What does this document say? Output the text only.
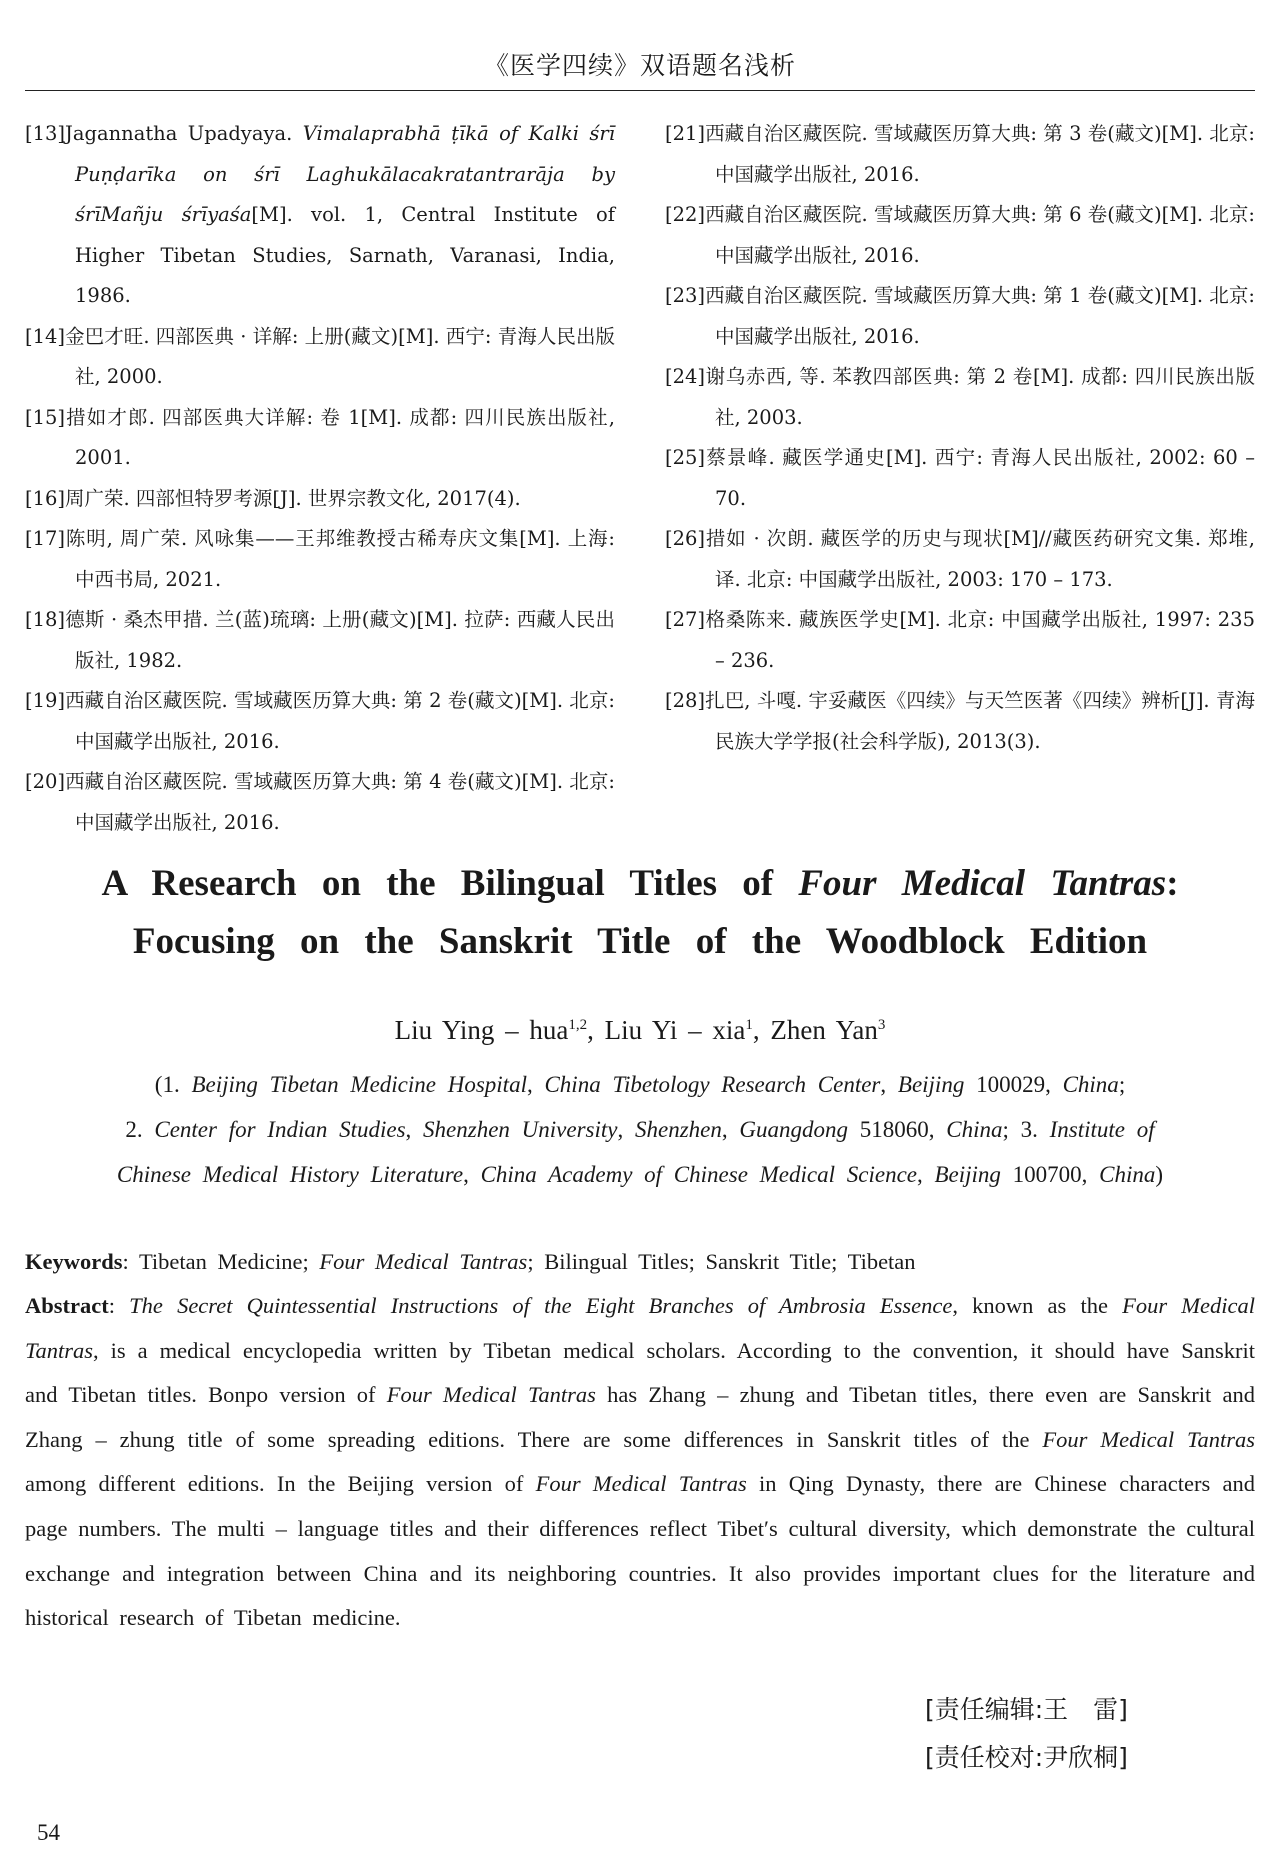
《医学四续》双语题名浅析

[13]Jagannatha Upadyaya. Vimalaprabhā ṭīkā of Kalki śrī Puṇḍarīka on śrī Laghukālacakratantrarāja by śrīMañju śrīyaśa[M]. vol. 1, Central Institute of Higher Tibetan Studies, Sarnath, Varanasi, India, 1986.

[14]金巴才旺. 四部医典 · 详解: 上册(藏文)[M]. 西宁: 青海人民出版社, 2000.

[15]措如才郎. 四部医典大详解: 卷 1[M]. 成都: 四川民族出版社, 2001.

[16]周广荣. 四部怛特罗考源[J]. 世界宗教文化, 2017(4).

[17]陈明, 周广荣. 风咏集——王邦维教授古稀寿庆文集[M]. 上海: 中西书局, 2021.

[18]德斯 · 桑杰甲措. 兰(蓝)琉璃: 上册(藏文)[M]. 拉萨: 西藏人民出版社, 1982.

[19]西藏自治区藏医院. 雪域藏医历算大典: 第 2 卷(藏文)[M]. 北京: 中国藏学出版社, 2016.

[20]西藏自治区藏医院. 雪域藏医历算大典: 第 4 卷(藏文)[M]. 北京: 中国藏学出版社, 2016.

[21]西藏自治区藏医院. 雪域藏医历算大典: 第 3 卷(藏文)[M]. 北京: 中国藏学出版社, 2016.

[22]西藏自治区藏医院. 雪域藏医历算大典: 第 6 卷(藏文)[M]. 北京: 中国藏学出版社, 2016.

[23]西藏自治区藏医院. 雪域藏医历算大典: 第 1 卷(藏文)[M]. 北京: 中国藏学出版社, 2016.

[24]谢乌赤西, 等. 苯教四部医典: 第 2 卷[M]. 成都: 四川民族出版社, 2003.

[25]蔡景峰. 藏医学通史[M]. 西宁: 青海人民出版社, 2002: 60 – 70.

[26]措如 · 次朗. 藏医学的历史与现状[M]//藏医药研究文集. 郑堆, 译. 北京: 中国藏学出版社, 2003: 170 – 173.

[27]格桑陈来. 藏族医学史[M]. 北京: 中国藏学出版社, 1997: 235 – 236.

[28]扎巴, 斗嘎. 宇妥藏医《四续》与天竺医著《四续》辨析[J]. 青海民族大学学报(社会科学版), 2013(3).

A Research on the Bilingual Titles of Four Medical Tantras:
Focusing on the Sanskrit Title of the Woodblock Edition
Liu Ying – hua$^{1,2}$, Liu Yi – xia$^1$, Zhen Yan$^3$
(1. Beijing Tibetan Medicine Hospital, China Tibetology Research Center, Beijing 100029, China;
2. Center for Indian Studies, Shenzhen University, Shenzhen, Guangdong 518060, China; 3. Institute of
Chinese Medical History Literature, China Academy of Chinese Medical Science, Beijing 100700, China)
Keywords: Tibetan Medicine; Four Medical Tantras; Bilingual Titles; Sanskrit Title; Tibetan
Abstract: The Secret Quintessential Instructions of the Eight Branches of Ambrosia Essence, known as the Four Medical Tantras, is a medical encyclopedia written by Tibetan medical scholars. According to the convention, it should have Sanskrit and Tibetan titles. Bonpo version of Four Medical Tantras has Zhang – zhung and Tibetan titles, there even are Sanskrit and Zhang – zhung title of some spreading editions. There are some differences in Sanskrit titles of the Four Medical Tantras among different editions. In the Beijing version of Four Medical Tantras in Qing Dynasty, there are Chinese characters and page numbers. The multi – language titles and their differences reflect Tibet′s cultural diversity, which demonstrate the cultural exchange and integration between China and its neighboring countries. It also provides important clues for the literature and historical research of Tibetan medicine.
[责任编辑:王　雷]
[责任校对:尹欣桐]
54
